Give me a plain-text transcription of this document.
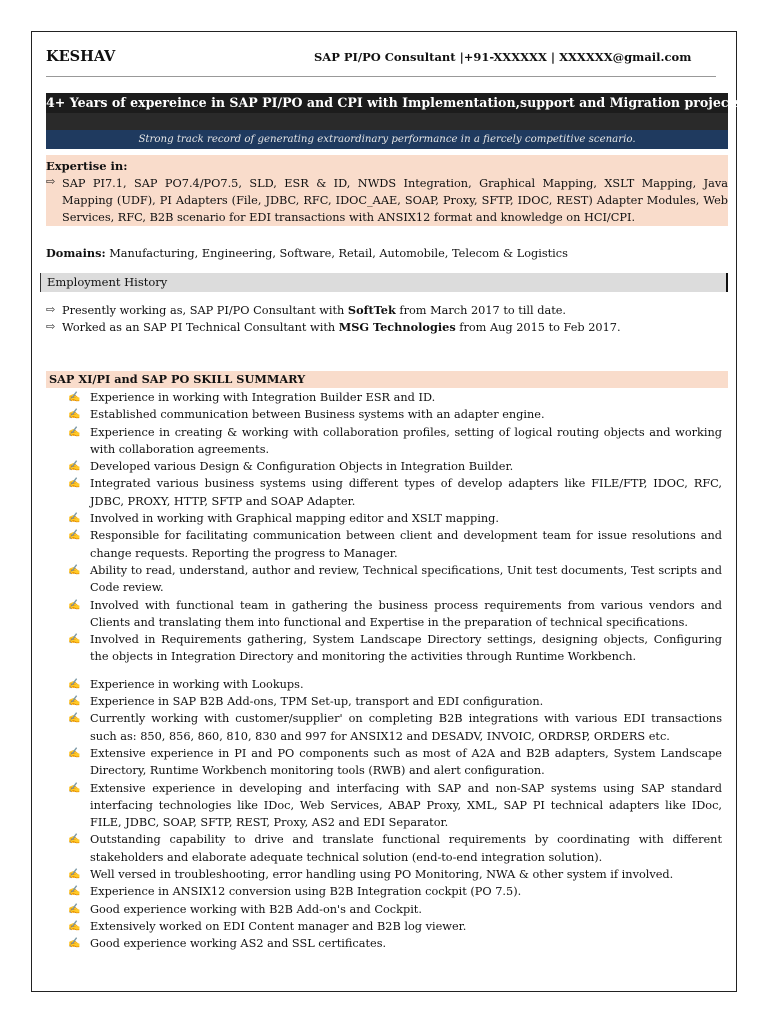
KESHAV	SAP PI/PO Consultant |+91-XXXXXX | XXXXXX@gmail.com
4+ Years of expereince in SAP PI/PO and CPI with Implementation,support and Migration projects
Strong track record of generating extraordinary performance in a fiercely competitive scenario.
Expertise in:
⇨ SAP PI7.1, SAP PO7.4/PO7.5, SLD, ESR & ID, NWDS Integration, Graphical Mapping, XSLT Mapping, Java Mapping (UDF), PI Adapters (File, JDBC, RFC, IDOC_AAE, SOAP, Proxy, SFTP, IDOC, REST) Adapter Modules, Web Services, RFC, B2B scenario for EDI transactions with ANSIX12 format and knowledge on HCI/CPI.
Domains: Manufacturing, Engineering, Software, Retail, Automobile, Telecom & Logistics
Employment History
⇨ Presently working as, SAP PI/PO Consultant with SoftTek from March 2017 to till date.
⇨ Worked as an SAP PI Technical Consultant with MSG Technologies from Aug 2015 to Feb 2017.
SAP XI/PI and SAP PO SKILL SUMMARY
✍ Experience in working with Integration Builder ESR and ID.
✍ Established communication between Business systems with an adapter engine.
✍ Experience in creating & working with collaboration profiles, setting of logical routing objects and working with collaboration agreements.
✍ Developed various Design & Configuration Objects in Integration Builder.
✍ Integrated various business systems using different types of develop adapters like FILE/FTP, IDOC, RFC, JDBC, PROXY, HTTP, SFTP and SOAP Adapter.
✍ Involved in working with Graphical mapping editor and XSLT mapping.
✍ Responsible for facilitating communication between client and development team for issue resolutions and change requests. Reporting the progress to Manager.
✍ Ability to read, understand, author and review, Technical specifications, Unit test documents, Test scripts and Code review.
✍ Involved with functional team in gathering the business process requirements from various vendors and Clients and translating them into functional and Expertise in the preparation of technical specifications.
✍ Involved in Requirements gathering, System Landscape Directory settings, designing objects, Configuring the objects in Integration Directory and monitoring the activities through Runtime Workbench.
✍ Experience in working with Lookups.
✍ Experience in SAP B2B Add-ons, TPM Set-up, transport and EDI configuration.
✍ Currently working with customer/supplier' on completing B2B integrations with various EDI transactions such as: 850, 856, 860, 810, 830 and 997 for ANSIX12 and DESADV, INVOIC, ORDRSP, ORDERS etc.
✍ Extensive experience in PI and PO components such as most of A2A and B2B adapters, System Landscape Directory, Runtime Workbench monitoring tools (RWB) and alert configuration.
✍ Extensive experience in developing and interfacing with SAP and non-SAP systems using SAP standard interfacing technologies like IDoc, Web Services, ABAP Proxy, XML, SAP PI technical adapters like IDoc, FILE, JDBC, SOAP, SFTP, REST, Proxy, AS2 and EDI Separator.
✍ Outstanding capability to drive and translate functional requirements by coordinating with different stakeholders and elaborate adequate technical solution (end-to-end integration solution).
✍ Well versed in troubleshooting, error handling using PO Monitoring, NWA & other system if involved.
✍ Experience in ANSIX12 conversion using B2B Integration cockpit (PO 7.5).
✍ Good experience working with B2B Add-on's and Cockpit.
✍ Extensively worked on EDI Content manager and B2B log viewer.
✍ Good experience working AS2 and SSL certificates.
